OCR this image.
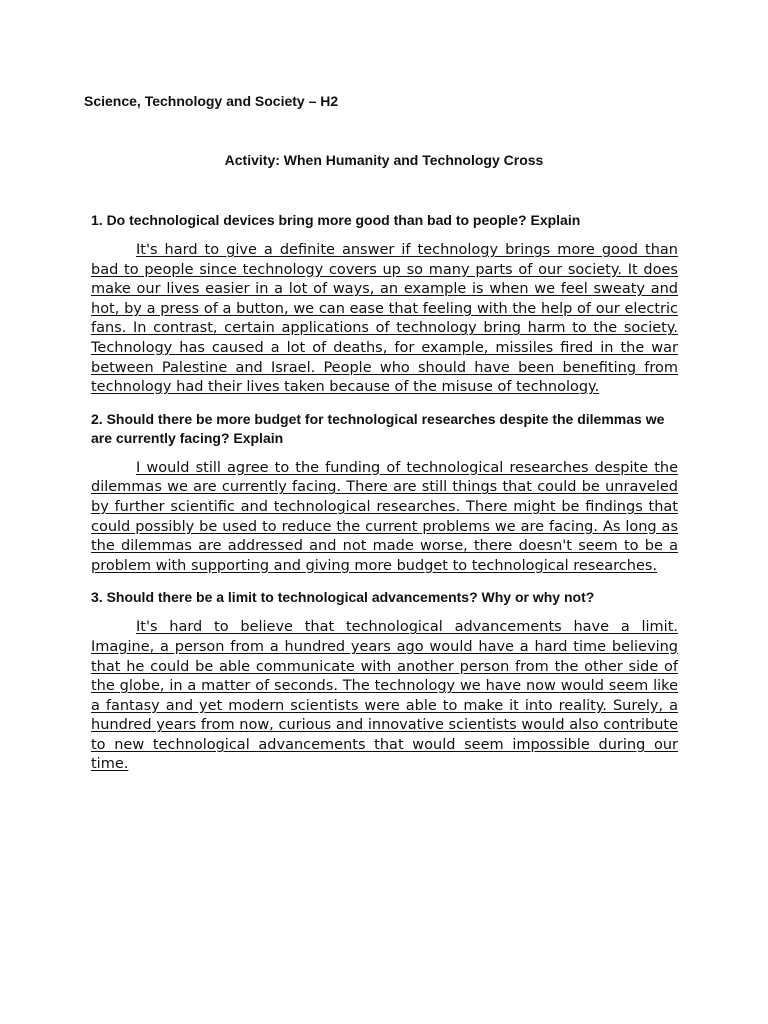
Science, Technology and Society – H2

Activity: When Humanity and Technology Cross

1. Do technological devices bring more good than bad to people? Explain

It's hard to give a definite answer if technology brings more good than bad to people since technology covers up so many parts of our society. It does make our lives easier in a lot of ways, an example is when we feel sweaty and hot, by a press of a button, we can ease that feeling with the help of our electric fans. In contrast, certain applications of technology bring harm to the society. Technology has caused a lot of deaths, for example, missiles fired in the war between Palestine and Israel. People who should have been benefiting from technology had their lives taken because of the misuse of technology.

2. Should there be more budget for technological researches despite the dilemmas we are currently facing? Explain

I would still agree to the funding of technological researches despite the dilemmas we are currently facing. There are still things that could be unraveled by further scientific and technological researches. There might be findings that could possibly be used to reduce the current problems we are facing. As long as the dilemmas are addressed and not made worse, there doesn't seem to be a problem with supporting and giving more budget to technological researches.

3. Should there be a limit to technological advancements? Why or why not?

It's hard to believe that technological advancements have a limit. Imagine, a person from a hundred years ago would have a hard time believing that he could be able communicate with another person from the other side of the globe, in a matter of seconds. The technology we have now would seem like a fantasy and yet modern scientists were able to make it into reality. Surely, a hundred years from now, curious and innovative scientists would also contribute to new technological advancements that would seem impossible during our time.
